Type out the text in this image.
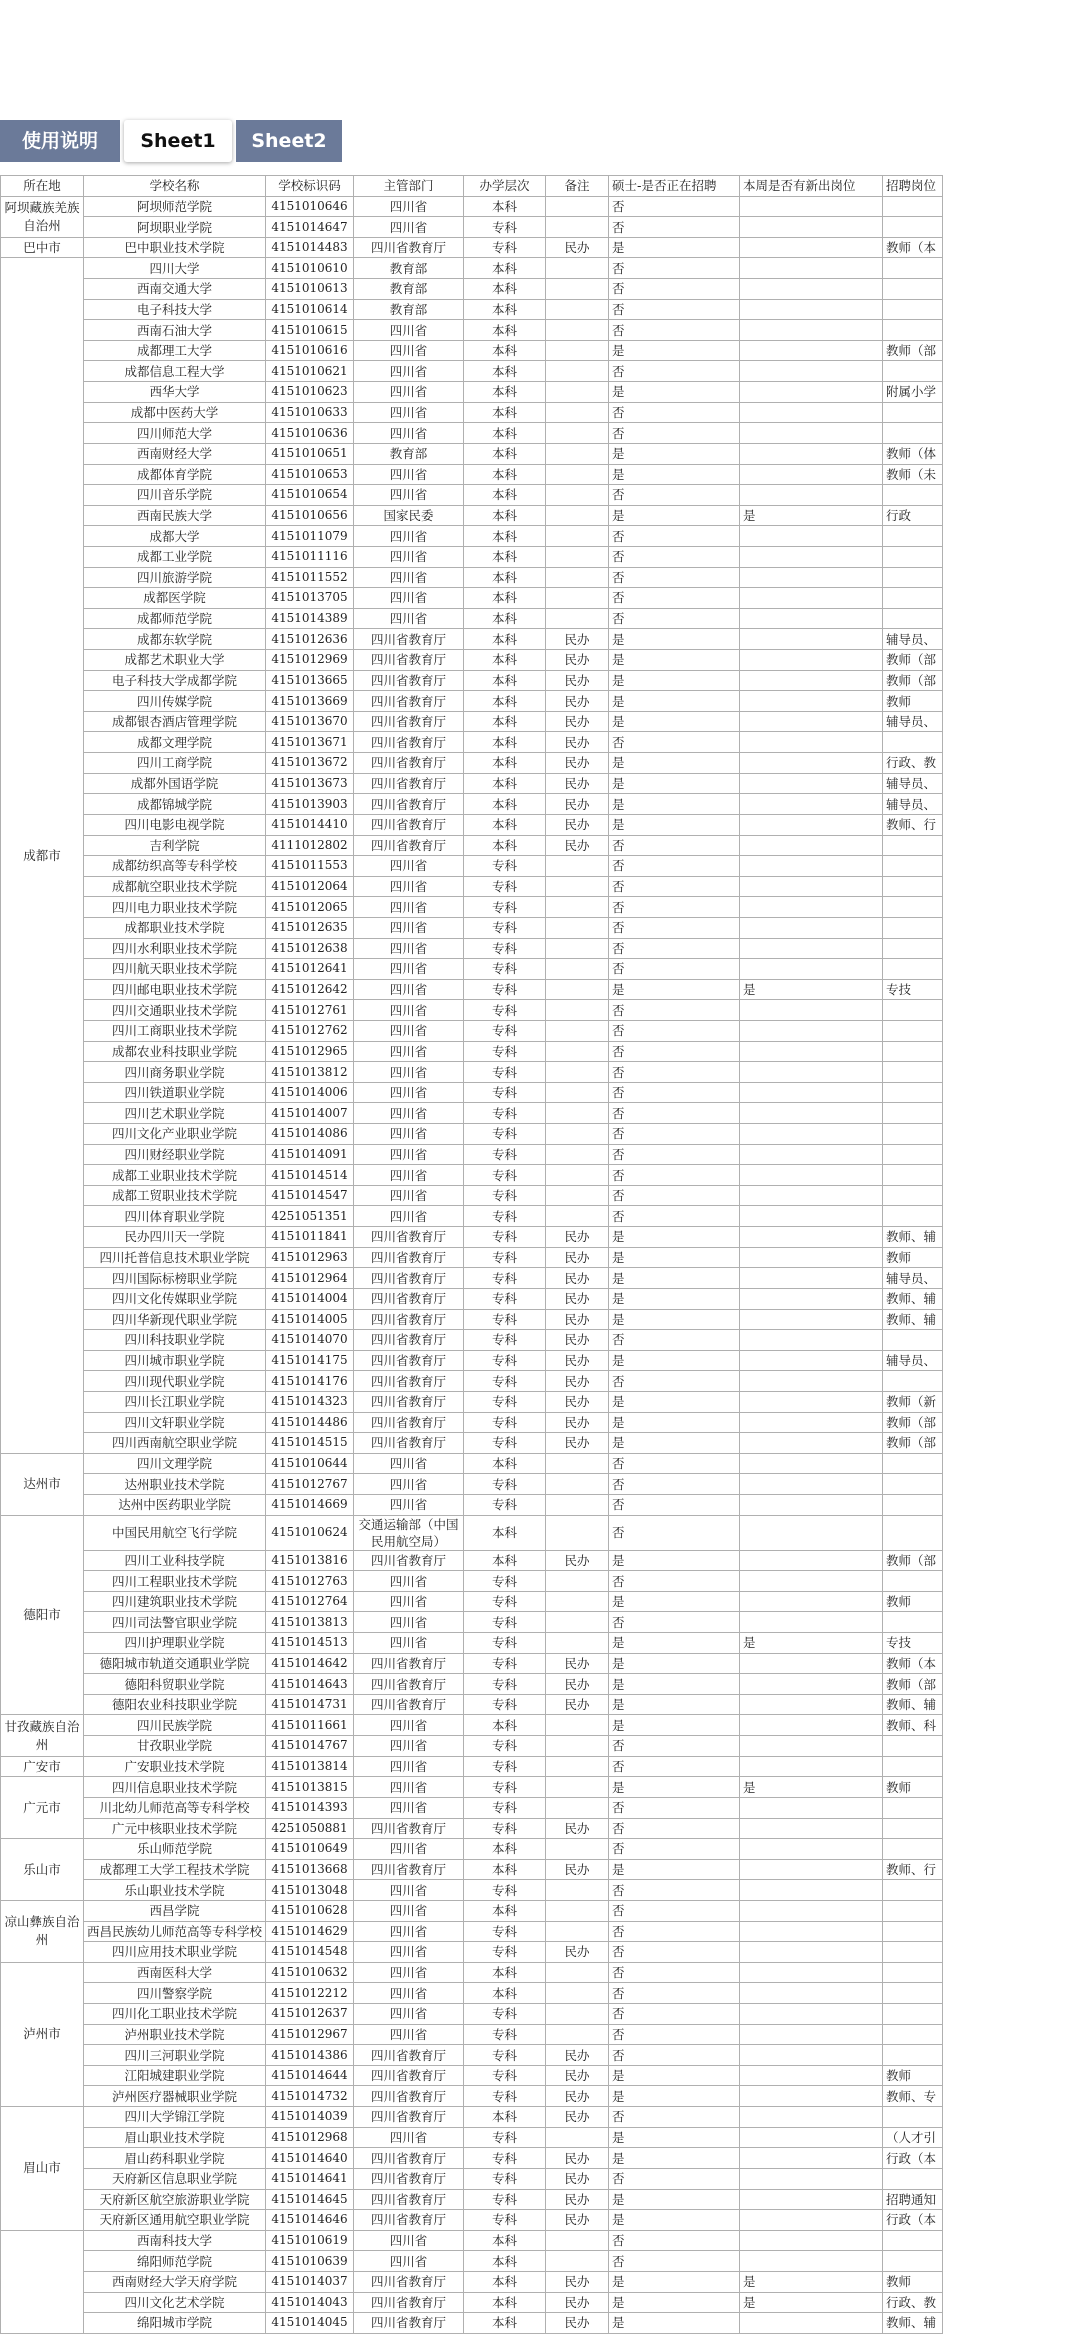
使用说明	Sheet1	Sheet2
所在地	学校名称	学校标识码	主管部门	办学层次	备注	硕士-是否正在招聘	本周是否有新出岗位	招聘岗位
阿坝藏族羌族自治州	阿坝师范学院	4151010646	四川省	本科		否		
	阿坝职业学院	4151014647	四川省	专科		否		
巴中市	巴中职业技术学院	4151014483	四川省教育厅	专科	民办	是		教师（本
成都市	四川大学	4151010610	教育部	本科		否		
	西南交通大学	4151010613	教育部	本科		否		
	电子科技大学	4151010614	教育部	本科		否		
	西南石油大学	4151010615	四川省	本科		否		
	成都理工大学	4151010616	四川省	本科		是		教师（部
	成都信息工程大学	4151010621	四川省	本科		否		
	西华大学	4151010623	四川省	本科		是		附属小学
	成都中医药大学	4151010633	四川省	本科		否		
	四川师范大学	4151010636	四川省	本科		否		
	西南财经大学	4151010651	教育部	本科		是		教师（体
	成都体育学院	4151010653	四川省	本科		是		教师（未
	四川音乐学院	4151010654	四川省	本科		否		
	西南民族大学	4151010656	国家民委	本科		是	是	行政
	成都大学	4151011079	四川省	本科		否		
	成都工业学院	4151011116	四川省	本科		否		
	四川旅游学院	4151011552	四川省	本科		否		
	成都医学院	4151013705	四川省	本科		否		
	成都师范学院	4151014389	四川省	本科		否		
	成都东软学院	4151012636	四川省教育厅	本科	民办	是		辅导员、
	成都艺术职业大学	4151012969	四川省教育厅	本科	民办	是		教师（部
	电子科技大学成都学院	4151013665	四川省教育厅	本科	民办	是		教师（部
	四川传媒学院	4151013669	四川省教育厅	本科	民办	是		教师
	成都银杏酒店管理学院	4151013670	四川省教育厅	本科	民办	是		辅导员、
	成都文理学院	4151013671	四川省教育厅	本科	民办	否		
	四川工商学院	4151013672	四川省教育厅	本科	民办	是		行政、教
	成都外国语学院	4151013673	四川省教育厅	本科	民办	是		辅导员、
	成都锦城学院	4151013903	四川省教育厅	本科	民办	是		辅导员、
	四川电影电视学院	4151014410	四川省教育厅	本科	民办	是		教师、行
	吉利学院	4111012802	四川省教育厅	本科	民办	否		
	成都纺织高等专科学校	4151011553	四川省	专科		否		
	成都航空职业技术学院	4151012064	四川省	专科		否		
	四川电力职业技术学院	4151012065	四川省	专科		否		
	成都职业技术学院	4151012635	四川省	专科		否		
	四川水利职业技术学院	4151012638	四川省	专科		否		
	四川航天职业技术学院	4151012641	四川省	专科		否		
	四川邮电职业技术学院	4151012642	四川省	专科		是	是	专技
	四川交通职业技术学院	4151012761	四川省	专科		否		
	四川工商职业技术学院	4151012762	四川省	专科		否		
	成都农业科技职业学院	4151012965	四川省	专科		否		
	四川商务职业学院	4151013812	四川省	专科		否		
	四川铁道职业学院	4151014006	四川省	专科		否		
	四川艺术职业学院	4151014007	四川省	专科		否		
	四川文化产业职业学院	4151014086	四川省	专科		否		
	四川财经职业学院	4151014091	四川省	专科		否		
	成都工业职业技术学院	4151014514	四川省	专科		否		
	成都工贸职业技术学院	4151014547	四川省	专科		否		
	四川体育职业学院	4251051351	四川省	专科		否		
	民办四川天一学院	4151011841	四川省教育厅	专科	民办	是		教师、辅
	四川托普信息技术职业学院	4151012963	四川省教育厅	专科	民办	是		教师
	四川国际标榜职业学院	4151012964	四川省教育厅	专科	民办	是		辅导员、
	四川文化传媒职业学院	4151014004	四川省教育厅	专科	民办	是		教师、辅
	四川华新现代职业学院	4151014005	四川省教育厅	专科	民办	是		教师、辅
	四川科技职业学院	4151014070	四川省教育厅	专科	民办	否		
	四川城市职业学院	4151014175	四川省教育厅	专科	民办	是		辅导员、
	四川现代职业学院	4151014176	四川省教育厅	专科	民办	否		
	四川长江职业学院	4151014323	四川省教育厅	专科	民办	是		教师（新
	四川文轩职业学院	4151014486	四川省教育厅	专科	民办	是		教师（部
	四川西南航空职业学院	4151014515	四川省教育厅	专科	民办	是		教师（部
达州市	四川文理学院	4151010644	四川省	本科		否		
	达州职业技术学院	4151012767	四川省	专科		否		
	达州中医药职业学院	4151014669	四川省	专科		否		
德阳市	中国民用航空飞行学院	4151010624	交通运输部（中国民用航空局）	本科		否		
	四川工业科技学院	4151013816	四川省教育厅	本科	民办	是		教师（部
	四川工程职业技术学院	4151012763	四川省	专科		否		
	四川建筑职业技术学院	4151012764	四川省	专科		是		教师
	四川司法警官职业学院	4151013813	四川省	专科		否		
	四川护理职业学院	4151014513	四川省	专科		是	是	专技
	德阳城市轨道交通职业学院	4151014642	四川省教育厅	专科	民办	是		教师（本
	德阳科贸职业学院	4151014643	四川省教育厅	专科	民办	是		教师（部
	德阳农业科技职业学院	4151014731	四川省教育厅	专科	民办	是		教师、辅
甘孜藏族自治州	四川民族学院	4151011661	四川省	本科		是		教师、科
	甘孜职业学院	4151014767	四川省	专科		否		
广安市	广安职业技术学院	4151013814	四川省	专科		否		
广元市	四川信息职业技术学院	4151013815	四川省	专科		是	是	教师
	川北幼儿师范高等专科学校	4151014393	四川省	专科		否		
	广元中核职业技术学院	4251050881	四川省教育厅	专科	民办	否		
乐山市	乐山师范学院	4151010649	四川省	本科		否		
	成都理工大学工程技术学院	4151013668	四川省教育厅	本科	民办	是		教师、行
	乐山职业技术学院	4151013048	四川省	专科		否		
凉山彝族自治州	西昌学院	4151010628	四川省	本科		否		
	西昌民族幼儿师范高等专科学校	4151014629	四川省	专科		否		
	四川应用技术职业学院	4151014548	四川省	专科	民办	否		
泸州市	西南医科大学	4151010632	四川省	本科		否		
	四川警察学院	4151012212	四川省	本科		否		
	四川化工职业技术学院	4151012637	四川省	专科		否		
	泸州职业技术学院	4151012967	四川省	专科		否		
	四川三河职业学院	4151014386	四川省教育厅	专科	民办	否		
	江阳城建职业学院	4151014644	四川省教育厅	专科	民办	是		教师
	泸州医疗器械职业学院	4151014732	四川省教育厅	专科	民办	是		教师、专
眉山市	四川大学锦江学院	4151014039	四川省教育厅	本科	民办	否		
	眉山职业技术学院	4151012968	四川省	专科		是		（人才引
	眉山药科职业学院	4151014640	四川省教育厅	专科	民办	是		行政（本
	天府新区信息职业学院	4151014641	四川省教育厅	专科	民办	否		
	天府新区航空旅游职业学院	4151014645	四川省教育厅	专科	民办	是		招聘通知
	天府新区通用航空职业学院	4151014646	四川省教育厅	专科	民办	是		行政（本
	西南科技大学	4151010619	四川省	本科		否		
	绵阳师范学院	4151010639	四川省	本科		否		
	西南财经大学天府学院	4151014037	四川省教育厅	本科	民办	是	是	教师
	四川文化艺术学院	4151014043	四川省教育厅	本科	民办	是	是	行政、教
	绵阳城市学院	4151014045	四川省教育厅	本科	民办	是		教师、辅
